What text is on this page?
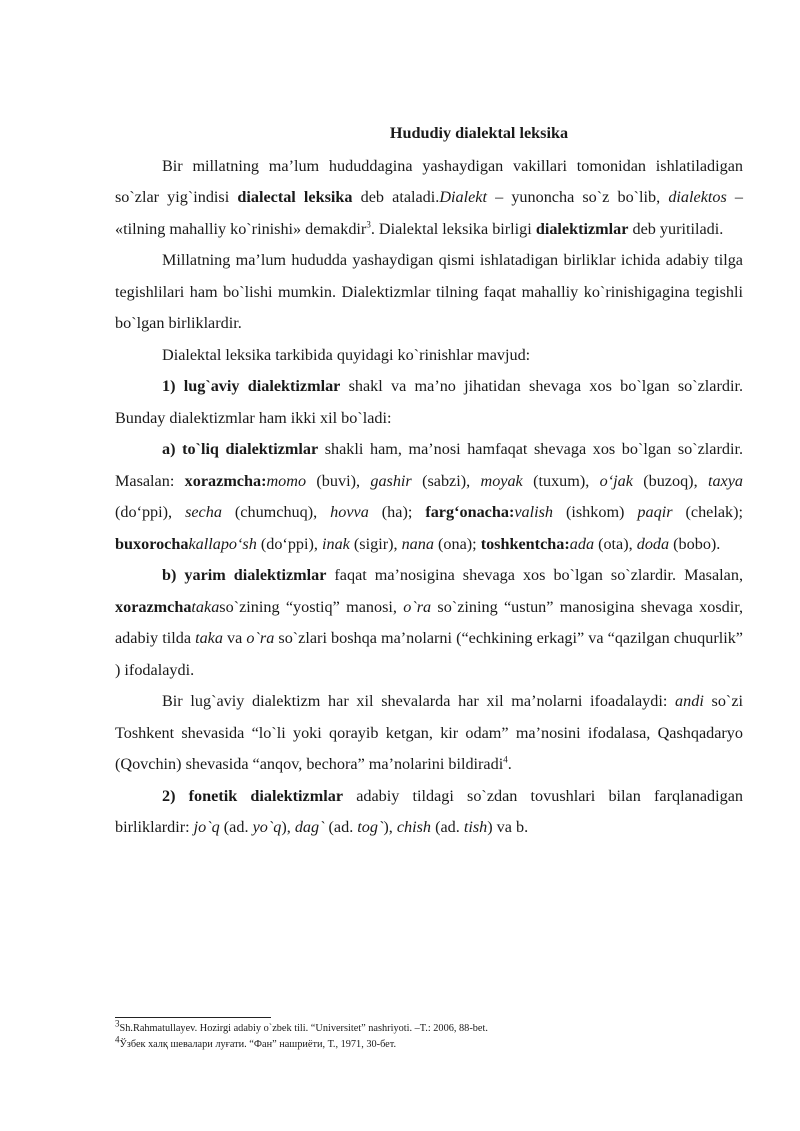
Hududiy dialektal leksika

Bir millatning ma’lum hududdagina yashaydigan vakillari tomonidan ishlatiladigan so`zlar yig`indisi dialectal leksika deb ataladi.Dialekt – yunoncha so`z bo`lib, dialektos – «tilning mahalliy ko`rinishi» demakdir$^3$. Dialektal leksika birligi dialektizmlar deb yuritiladi.

Millatning ma’lum hududda yashaydigan qismi ishlatadigan birliklar ichida adabiy tilga tegishlilari ham bo`lishi mumkin. Dialektizmlar tilning faqat mahalliy ko`rinishigagina tegishli bo`lgan birliklardir.

Dialektal leksika tarkibida quyidagi ko`rinishlar mavjud:

1) lug`aviy dialektizmlar shakl va ma’no jihatidan shevaga xos bo`lgan so`zlardir. Bunday dialektizmlar ham ikki xil bo`ladi:

a) to`liq dialektizmlar shakli ham, ma’nosi hamfaqat shevaga xos bo`lgan so`zlardir. Masalan: xorazmcha:momo (buvi), gashir (sabzi), moyak (tuxum), o‘jak (buzoq), taxya (do‘ppi), secha (chumchuq), hovva (ha); farg‘onacha:valish (ishkom) paqir (chelak); buxorochakallapo‘sh (do‘ppi), inak (sigir), nana (ona); toshkentcha:ada (ota), doda (bobo).

b) yarim dialektizmlar faqat ma’nosigina shevaga xos bo`lgan so`zlardir. Masalan, xorazmchatakaso`zining “yostiq” manosi, o`ra so`zining “ustun” manosigina shevaga xosdir, adabiy tilda taka va o`ra so`zlari boshqa ma’nolarni (“echkining erkagi” va “qazilgan chuqurlik” ) ifodalaydi.

Bir lug`aviy dialektizm har xil shevalarda har xil ma’nolarni ifoadalaydi: andi so`zi Toshkent shevasida “lo`li yoki qorayib ketgan, kir odam” ma’nosini ifodalasa, Qashqadaryo (Qovchin) shevasida “anqov, bechora” ma’nolarini bildiradi$^4$.

2) fonetik dialektizmlar adabiy tildagi so`zdan tovushlari bilan farqlanadigan birliklardir: jo`q (ad. yo`q), dag` (ad. tog`), chish (ad. tish) va b.

$^3$Sh.Rahmatullayev. Hozirgi adabiy o`zbek tili. “Universitet” nashriyoti. –T.: 2006, 88-bet.
$^4$Ўзбек халқ шевалари луғати. “Фан” нашриёти, Т., 1971, 30-бет.
